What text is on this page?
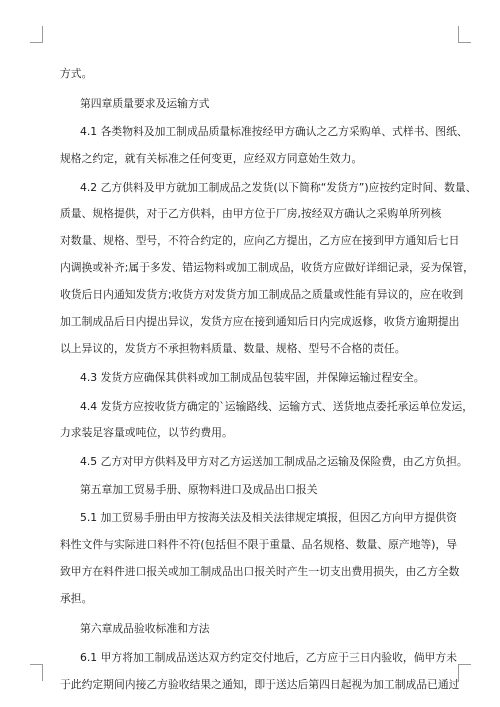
方式。
第四章质量要求及运输方式
4.1 各类物料及加工制成品质量标准按经甲方确认之乙方采购单、式样书、图纸、
规格之约定，就有关标准之任何变更，应经双方同意始生效力。
4.2 乙方供料及甲方就加工制成品之发货(以下简称“发货方”)应按约定时间、数量、
质量、规格提供，对于乙方供料，由甲方位于厂房,按经双方确认之采购单所列核
对数量、规格、型号，不符合约定的，应向乙方提出，乙方应在接到甲方通知后七日
内调换或补齐;属于多发、错运物料或加工制成品，收货方应做好详细记录，妥为保管，
收货后日内通知发货方;收货方对发货方加工制成品之质量或性能有异议的，应在收到
加工制成品后日内提出异议，发货方应在接到通知后日内完成返修，收货方逾期提出
以上异议的，发货方不承担物料质量、数量、规格、型号不合格的责任。
4.3 发货方应确保其供料或加工制成品包装牢固，并保障运输过程安全。
4.4 发货方应按收货方确定的`运输路线、运输方式、送货地点委托承运单位发运，
力求装足容量或吨位，以节约费用。
4.5 乙方对甲方供料及甲方对乙方运送加工制成品之运输及保险费，由乙方负担。
第五章加工贸易手册、原物料进口及成品出口报关
5.1 加工贸易手册由甲方按海关法及相关法律规定填报，但因乙方向甲方提供资
料性文件与实际进口料件不符(包括但不限于重量、品名规格、数量、原产地等)，导
致甲方在料件进口报关或加工制成品出口报关时产生一切支出费用损失，由乙方全数
承担。
第六章成品验收标准和方法
6.1 甲方将加工制成品送达双方约定交付地后，乙方应于三日内验收，倘甲方未
于此约定期间内接乙方验收结果之通知，即于送达后第四日起视为加工制成品已通过
